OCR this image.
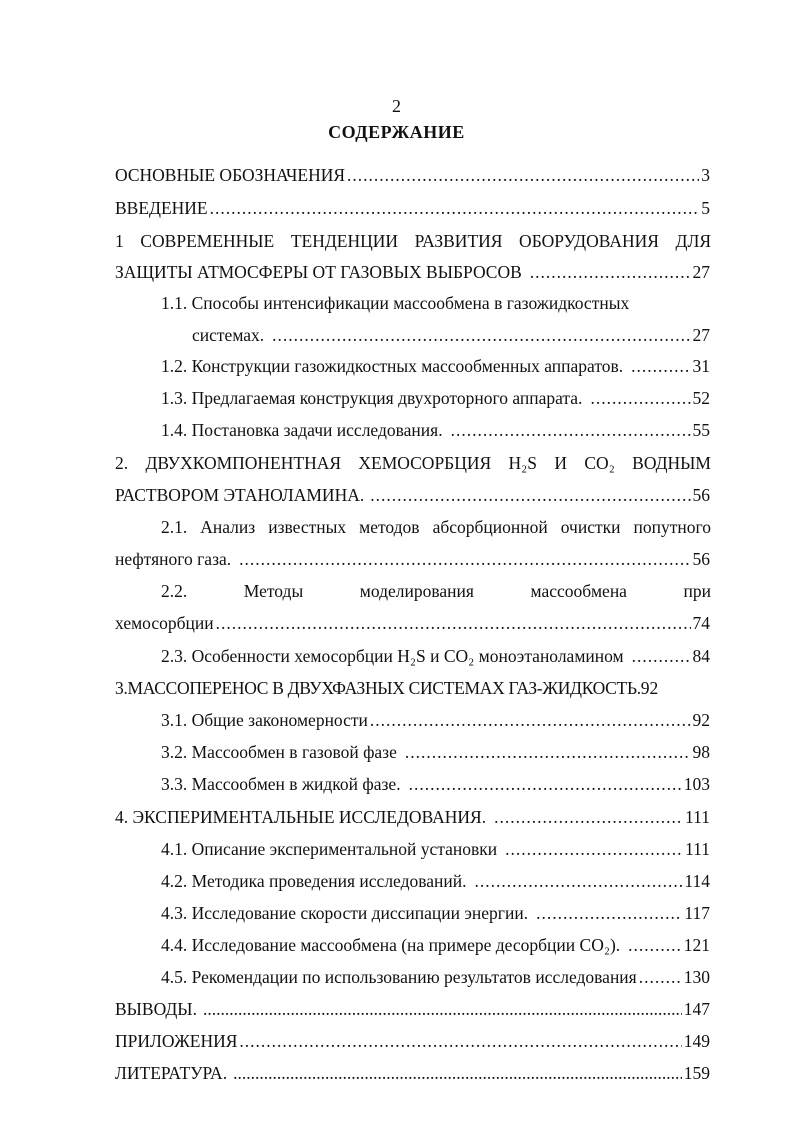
2
СОДЕРЖАНИЕ
ОСНОВНЫЕ ОБОЗНАЧЕНИЯ .....	3
ВВЕДЕНИЕ .....	5
1 СОВРЕМЕННЫЕ ТЕНДЕНЦИИ РАЗВИТИЯ ОБОРУДОВАНИЯ ДЛЯ
ЗАЩИТЫ АТМОСФЕРЫ ОТ ГАЗОВЫХ ВЫБРОСОВ .....	27
1.1. Способы интенсификации массообмена в газожидкостных
системах. .....	27
1.2. Конструкции газожидкостных массообменных аппаратов. .....	31
1.3. Предлагаемая конструкция двухроторного аппарата. .....	52
1.4. Постановка задачи исследования. .....	55
2. ДВУХКОМПОНЕНТНАЯ ХЕМОСОРБЦИЯ H₂S И CO₂ ВОДНЫМ
РАСТВОРОМ ЭТАНОЛАМИНА. .....	56
2.1. Анализ известных методов абсорбционной очистки попутного
нефтяного газа. .....	56
2.2.	Методы	моделирования	массообмена	при
хемосорбции .....	74
2.3. Особенности хемосорбции H₂S и CO₂ моноэтаноламином .....	84
3.МАССОПЕРЕНОС В ДВУХФАЗНЫХ СИСТЕМАХ ГАЗ-ЖИДКОСТЬ. 92
3.1. Общие закономерности .....	92
3.2. Массообмен в газовой фазе .....	98
3.3. Массообмен в жидкой фазе. .....	103
4. ЭКСПЕРИМЕНТАЛЬНЫЕ ИССЛЕДОВАНИЯ. .....	111
4.1. Описание экспериментальной установки .....	111
4.2. Методика проведения исследований. .....	114
4.3. Исследование скорости диссипации энергии. .....	117
4.4. Исследование массообмена (на примере десорбции CO₂). .....	121
4.5. Рекомендации по использованию результатов исследования .....	130
ВЫВОДЫ. .....	147
ПРИЛОЖЕНИЯ .....	149
ЛИТЕРАТУРА. .....	159
